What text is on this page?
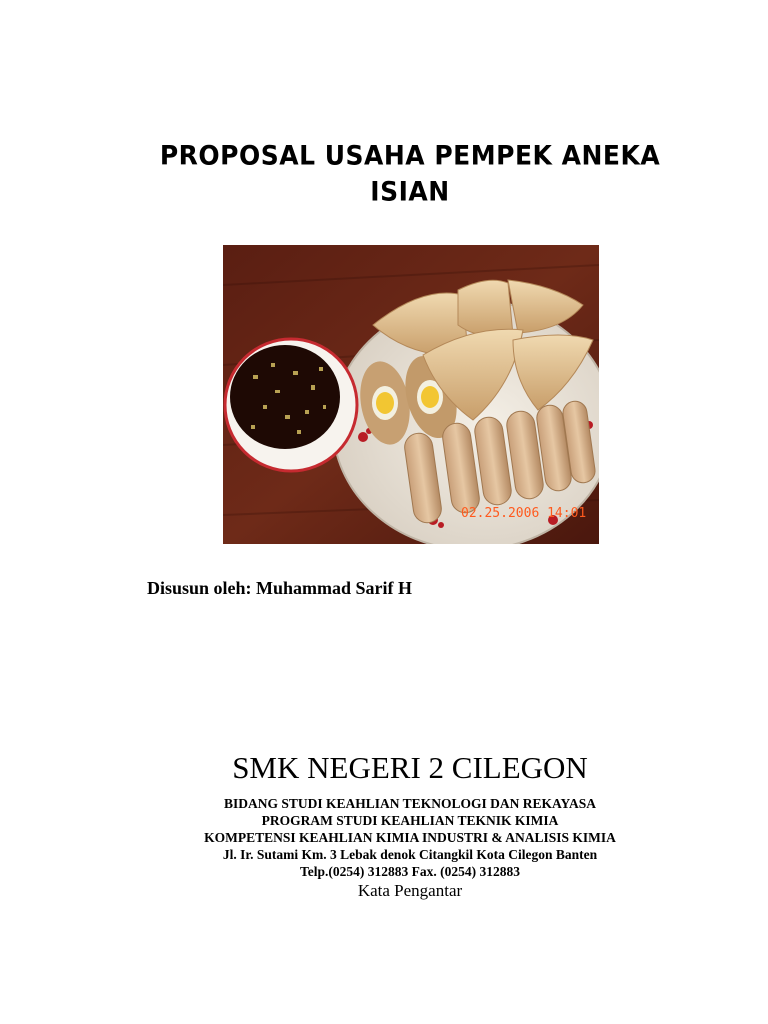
PROPOSAL USAHA PEMPEK ANEKA
ISIAN
02.25.2006 14:01
Disusun oleh: Muhammad Sarif H
SMK NEGERI 2 CILEGON
BIDANG STUDI KEAHLIAN TEKNOLOGI DAN REKAYASA
PROGRAM STUDI KEAHLIAN TEKNIK KIMIA
KOMPETENSI KEAHLIAN KIMIA INDUSTRI & ANALISIS KIMIA
Jl. Ir. Sutami Km. 3 Lebak denok Citangkil Kota Cilegon Banten
Telp.(0254) 312883 Fax. (0254) 312883
Kata Pengantar
